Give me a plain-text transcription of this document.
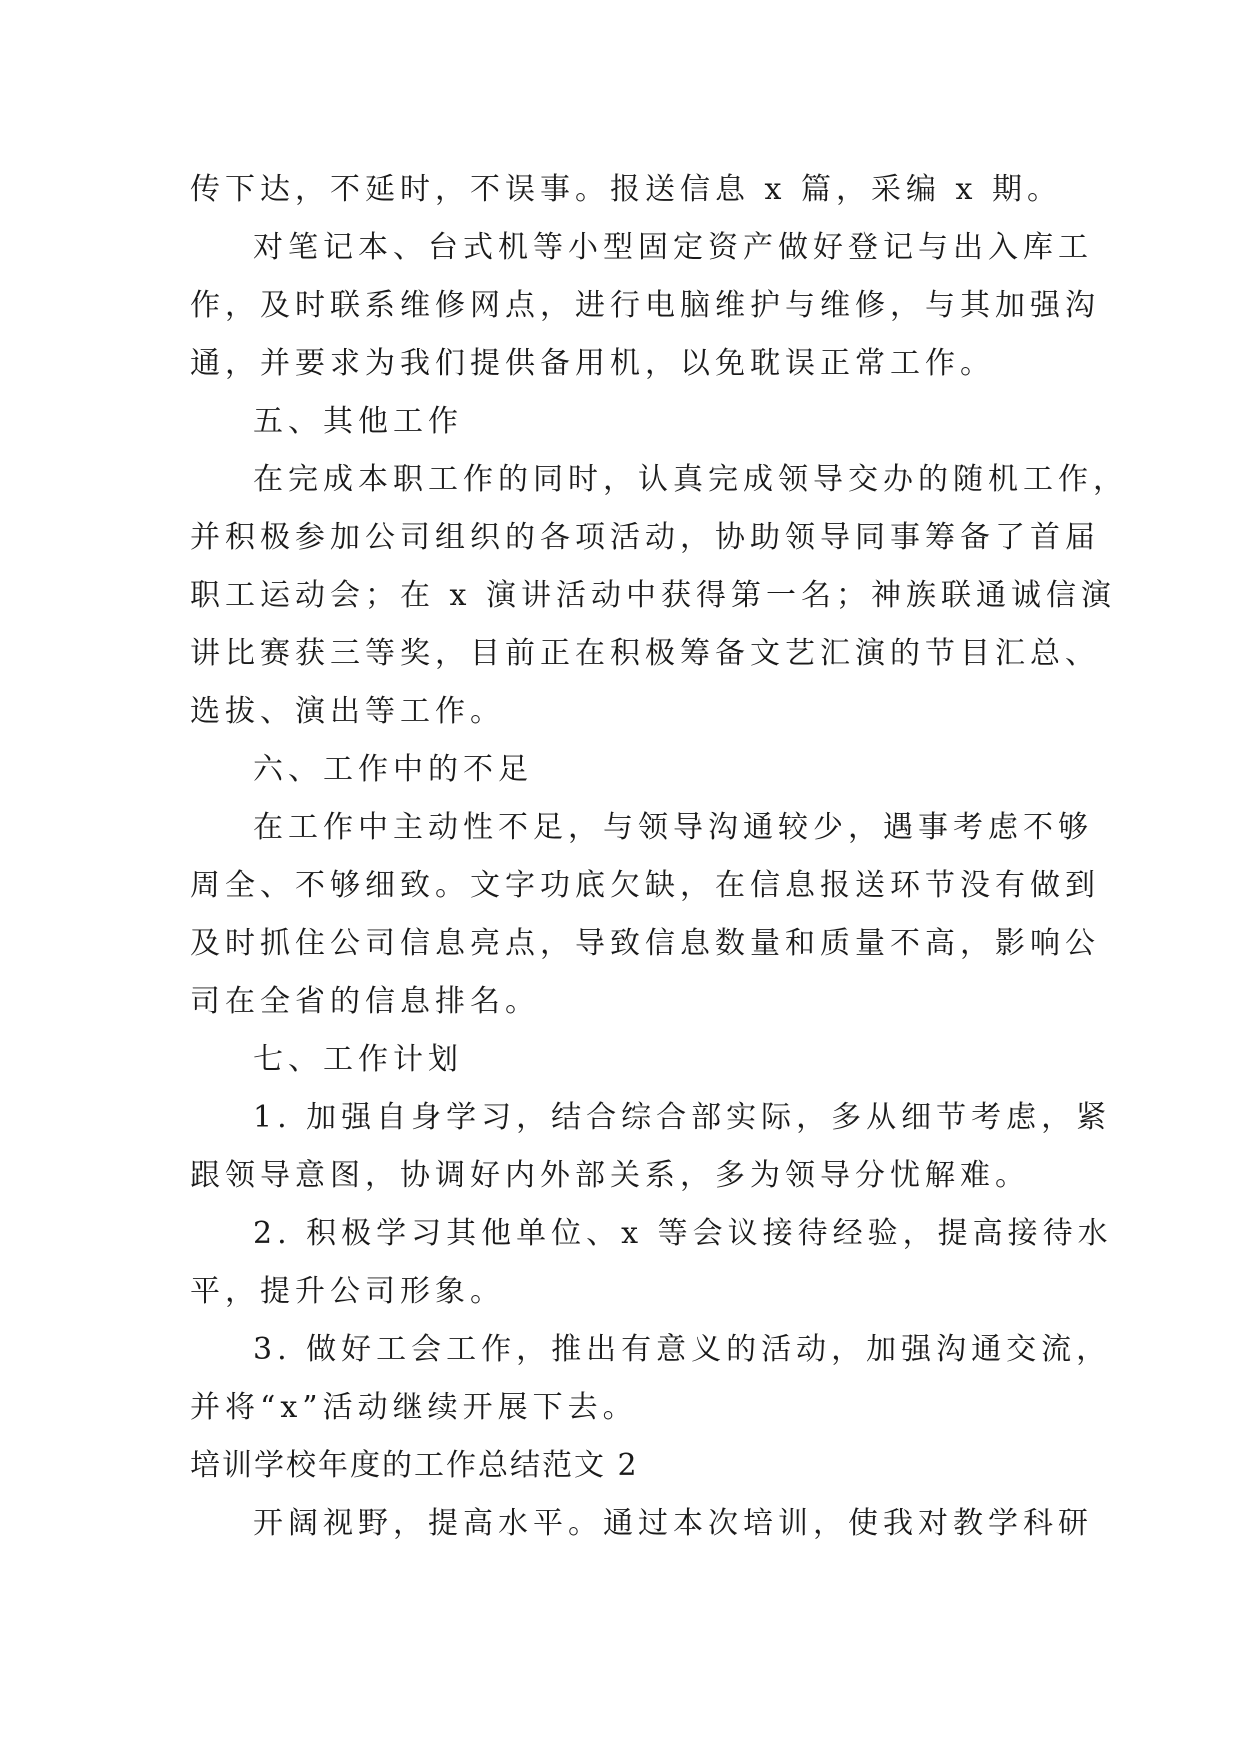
传下达，不延时，不误事。报送信息 x 篇，采编 x 期。
对笔记本、台式机等小型固定资产做好登记与出入库工
作，及时联系维修网点，进行电脑维护与维修，与其加强沟
通，并要求为我们提供备用机，以免耽误正常工作。
五、其他工作
在完成本职工作的同时，认真完成领导交办的随机工作，
并积极参加公司组织的各项活动，协助领导同事筹备了首届
职工运动会；在 x 演讲活动中获得第一名；神族联通诚信演
讲比赛获三等奖，目前正在积极筹备文艺汇演的节目汇总、
选拔、演出等工作。
六、工作中的不足
在工作中主动性不足，与领导沟通较少，遇事考虑不够
周全、不够细致。文字功底欠缺，在信息报送环节没有做到
及时抓住公司信息亮点，导致信息数量和质量不高，影响公
司在全省的信息排名。
七、工作计划
1. 加强自身学习，结合综合部实际，多从细节考虑，紧
跟领导意图，协调好内外部关系，多为领导分忧解难。
2. 积极学习其他单位、x 等会议接待经验，提高接待水
平，提升公司形象。
3. 做好工会工作，推出有意义的活动，加强沟通交流，
并将“x”活动继续开展下去。
培训学校年度的工作总结范文 2
开阔视野，提高水平。通过本次培训，使我对教学科研
